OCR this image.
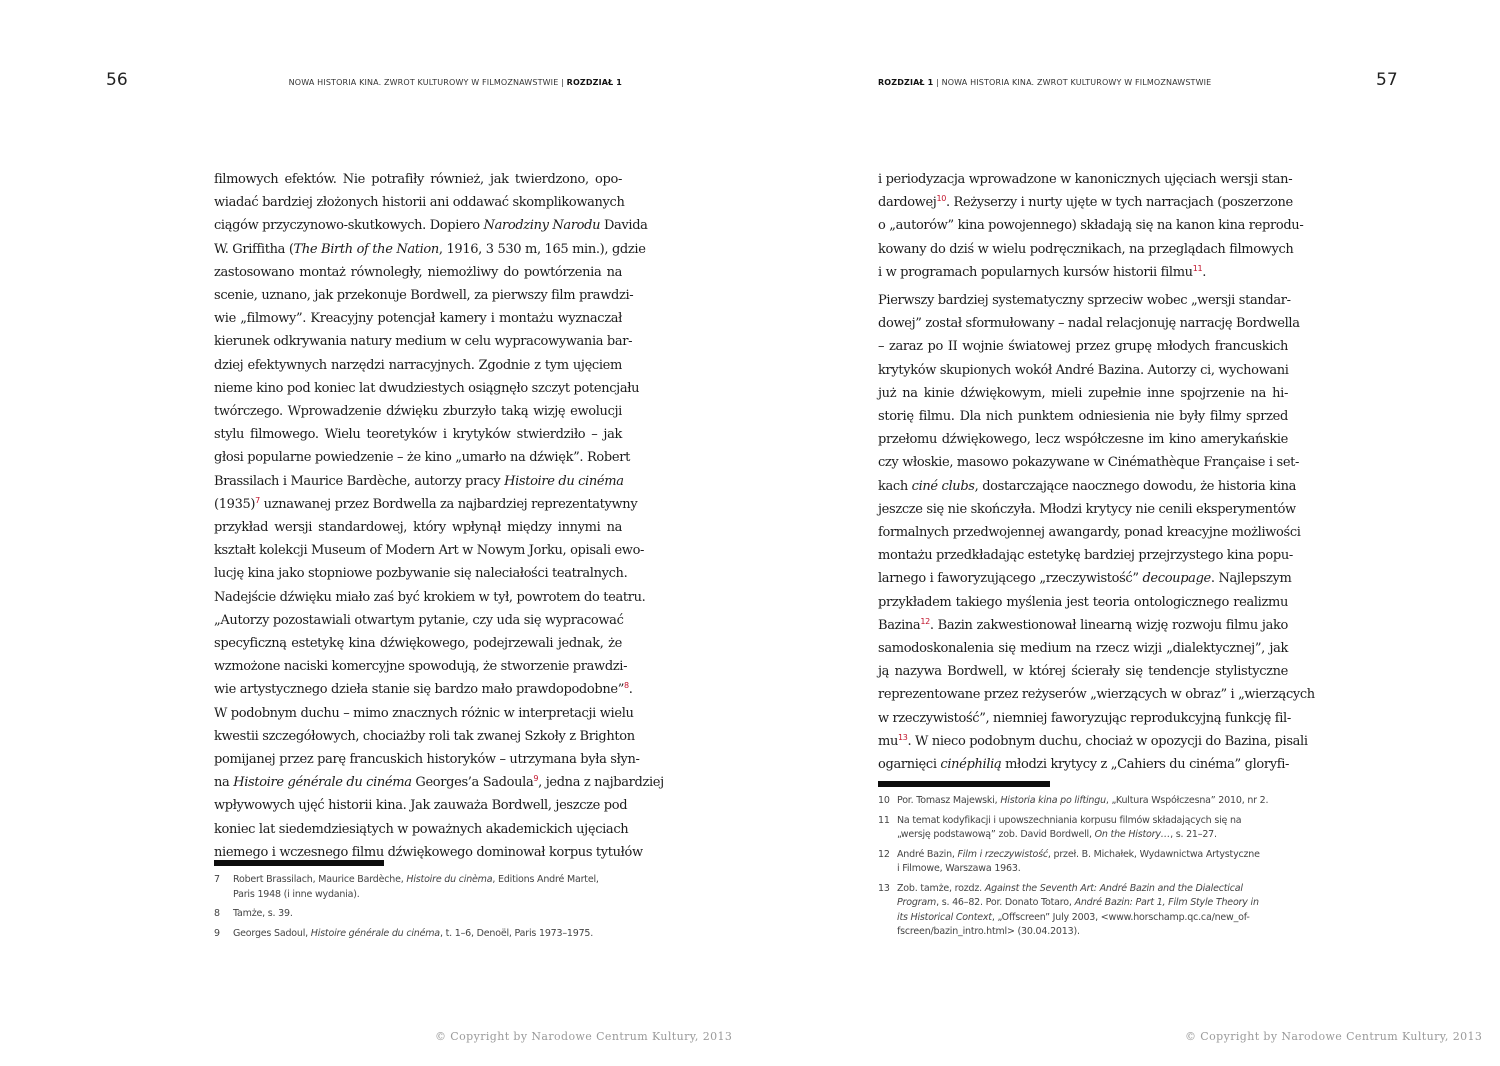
56	NOWA HISTORIA KINA. ZWROT KULTUROWY W FILMOZNAWSTWIE | ROZDZIAŁ 1
filmowych efektów. Nie potrafiły również, jak twierdzono, opo-
wiadać bardziej złożonych historii ani oddawać skomplikowanych
ciągów przyczynowo-skutkowych. Dopiero Narodziny Narodu Davida
W. Griffitha (The Birth of the Nation, 1916, 3 530 m, 165 min.), gdzie
zastosowano montaż równoległy, niemożliwy do powtórzenia na
scenie, uznano, jak przekonuje Bordwell, za pierwszy film prawdzi-
wie „filmowy”. Kreacyjny potencjał kamery i montażu wyznaczał
kierunek odkrywania natury medium w celu wypracowywania bar-
dziej efektywnych narzędzi narracyjnych. Zgodnie z tym ujęciem
nieme kino pod koniec lat dwudziestych osiągnęło szczyt potencjału
twórczego. Wprowadzenie dźwięku zburzyło taką wizję ewolucji
stylu filmowego. Wielu teoretyków i krytyków stwierdziło – jak
głosi popularne powiedzenie – że kino „umarło na dźwięk”. Robert
Brassilach i Maurice Bardèche, autorzy pracy Histoire du cinéma
(1935)$^7$ uznawanej przez Bordwella za najbardziej reprezentatywny
przykład wersji standardowej, który wpłynął między innymi na
kształt kolekcji Museum of Modern Art w Nowym Jorku, opisali ewo-
lucję kina jako stopniowe pozbywanie się naleciałości teatralnych.
Nadejście dźwięku miało zaś być krokiem w tył, powrotem do teatru.
„Autorzy pozostawiali otwartym pytanie, czy uda się wypracować
specyficzną estetykę kina dźwiękowego, podejrzewali jednak, że
wzmożone naciski komercyjne spowodują, że stworzenie prawdzi-
wie artystycznego dzieła stanie się bardzo mało prawdopodobne”$^8$.
W podobnym duchu – mimo znacznych różnic w interpretacji wielu
kwestii szczegółowych, chociażby roli tak zwanej Szkoły z Brighton
pomijanej przez parę francuskich historyków – utrzymana była słyn-
na Histoire générale du cinéma Georges’a Sadoula$^9$, jedna z najbardziej
wpływowych ujęć historii kina. Jak zauważa Bordwell, jeszcze pod
koniec lat siedemdziesiątych w poważnych akademickich ujęciach
niemego i wczesnego filmu dźwiękowego dominował korpus tytułów
7 Robert Brassilach, Maurice Bardèche, Histoire du cinèma, Editions André Martel,
Paris 1948 (i inne wydania).
8 Tamże, s. 39.
9 Georges Sadoul, Histoire générale du cinéma, t. 1–6, Denoël, Paris 1973–1975.
© Copyright by Narodowe Centrum Kultury, 2013
ROZDZIAŁ 1 | NOWA HISTORIA KINA. ZWROT KULTUROWY W FILMOZNAWSTWIE	57
i periodyzacja wprowadzone w kanonicznych ujęciach wersji stan-
dardowej$^{10}$. Reżyserzy i nurty ujęte w tych narracjach (poszerzone
o „autorów” kina powojennego) składają się na kanon kina reprodu-
kowany do dziś w wielu podręcznikach, na przeglądach filmowych
i w programach popularnych kursów historii filmu$^{11}$.
Pierwszy bardziej systematyczny sprzeciw wobec „wersji standar-
dowej” został sformułowany – nadal relacjonuję narrację Bordwella
– zaraz po II wojnie światowej przez grupę młodych francuskich
krytyków skupionych wokół André Bazina. Autorzy ci, wychowani
już na kinie dźwiękowym, mieli zupełnie inne spojrzenie na hi-
storię filmu. Dla nich punktem odniesienia nie były filmy sprzed
przełomu dźwiękowego, lecz współczesne im kino amerykańskie
czy włoskie, masowo pokazywane w Cinémathèque Française i set-
kach ciné clubs, dostarczające naocznego dowodu, że historia kina
jeszcze się nie skończyła. Młodzi krytycy nie cenili eksperymentów
formalnych przedwojennej awangardy, ponad kreacyjne możliwości
montażu przedkładając estetykę bardziej przejrzystego kina popu-
larnego i faworyzującego „rzeczywistość” decoupage. Najlepszym
przykładem takiego myślenia jest teoria ontologicznego realizmu
Bazina$^{12}$. Bazin zakwestionował linearną wizję rozwoju filmu jako
samodoskonalenia się medium na rzecz wizji „dialektycznej”, jak
ją nazywa Bordwell, w której ścierały się tendencje stylistyczne
reprezentowane przez reżyserów „wierzących w obraz” i „wierzących
w rzeczywistość”, niemniej faworyzując reprodukcyjną funkcję fil-
mu$^{13}$. W nieco podobnym duchu, chociaż w opozycji do Bazina, pisali
ogarnięci cinéphilią młodzi krytycy z „Cahiers du cinéma” gloryfi-
10 Por. Tomasz Majewski, Historia kina po liftingu, „Kultura Współczesna” 2010, nr 2.
11 Na temat kodyfikacji i upowszechniania korpusu filmów składających się na
„wersję podstawową” zob. David Bordwell, On the History…, s. 21–27.
12 André Bazin, Film i rzeczywistość, przeł. B. Michałek, Wydawnictwa Artystyczne
i Filmowe, Warszawa 1963.
13 Zob. tamże, rozdz. Against the Seventh Art: André Bazin and the Dialectical
Program, s. 46–82. Por. Donato Totaro, André Bazin: Part 1, Film Style Theory in
its Historical Context, „Offscreen” July 2003, <www.horschamp.qc.ca/new_of-
fscreen/bazin_intro.html> (30.04.2013).
© Copyright by Narodowe Centrum Kultury, 2013
